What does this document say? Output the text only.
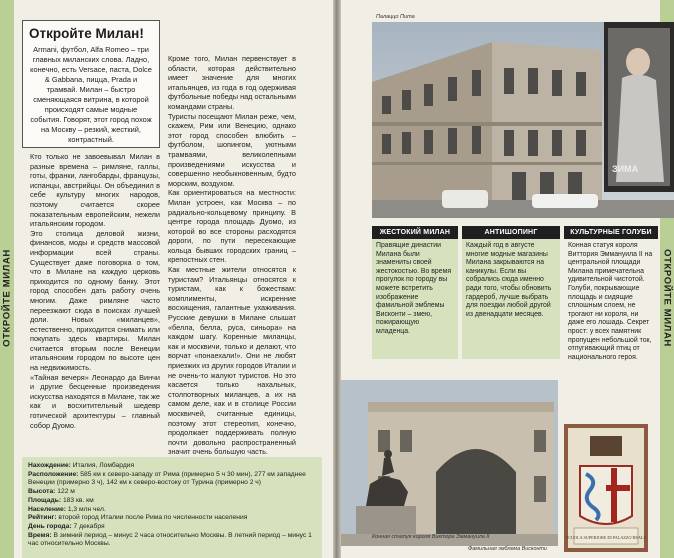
ОТКРОЙТЕ МИЛАН
Откройте Милан!
Armani, футбол, Alfa Romeo – три главных миланских слова. Ладно, конечно, есть Versace, паста, Dolce & Gabbana, пицца, Prada и трамвай. Милан – быстро сменяющаяся витрина, в которой происходят самые модные события. Говорят, этот город похож на Москву – резкий, жесткий, контрастный.
Кто только не завоевывал Милан в разные времена – римляне, галлы, готы, франки, лангобарды, французы, испанцы, австрийцы. Он объединил в себе культуру многих народов, поэтому считается скорее показательным европейским, нежели итальянским городом.
Это столица деловой жизни, финансов, моды и средств массовой информации всей страны. Существует даже поговорка о том, что в Милане на каждую церковь приходится по одному банку. Этот город способен дать работу очень многим. Даже римляне часто переезжают сюда в поисках лучшей доли. Новых «миланцев», естественно, приходится снимать или покупать здесь квартиры. Милан считается вторым после Венеции итальянским городом по высоте цен на недвижимость.
«Тайная вечеря» Леонардо да Винчи и другие бесценные произведения искусства находятся в Милане, так же как и восхитительный шедевр готической архитектуры – главный собор Дуомо.
Кроме того, Милан первенствует в области, которая действительно имеет значение для многих итальянцев, из года в год одерживая футбольные победы над остальными командами страны.
Туристы посещают Милан реже, чем, скажем, Рим или Венецию, однако этот город способен влюбить – футболом, шопингом, уютными трамваями, великолепными произведениями искусства и совершенно необыкновенным, будто морским, воздухом.
Как ориентироваться на местности: Милан устроен, как Москва – по радиально-кольцевому принципу. В центре города площадь Дуомо, из которой во все стороны расходятся дороги, по пути пересекающие кольца бывших городских границ – крепостных стен.
Как местные жители относятся к туристам? Итальянцы относятся к туристам, как к божествам: комплименты, искренние восхищения, галантные ухаживания. Русские девушки в Милане слышат «белла, белла, руса, синьора» на каждом шагу. Коренные миланцы, как и москвичи, только и делают, что ворчат «понаехали!». Они не любят приезжих из других городов Италии и не очень-то жалуют туристов. Но это касается только нахальных, столпотворных миланцев, а их на самом деле, как и в столице России москвичей, считанные единицы, поэтому этот стереотип, конечно, продолжает поддерживать полную почти довольно распространенный значит очень большую часть.
Нахождение: Италия, Ломбардия
Расположение: 585 км к северо-западу от Рима (примерно 5 ч 30 мин), 277 км западнее Венеции (примерно 3 ч), 142 км к северо-востоку от Турина (примерно 2 ч)
Высота: 122 м
Площадь: 183 кв. км
Население: 1,3 млн чел.
Рейтинг: второй город Италии после Рима по численности населения
День города: 7 декабря
Время: В зимний период – минус 2 часа относительно Москвы. В летний период – минус 1 час относительно Москвы.
ОТКРОЙТЕ МИЛАН
Палаццо Пита
ЗИМА
ЖЕСТОКИЙ МИЛАН
Правящие династии Милана были знамениты своей жестокостью. Во время прогулок по городу вы можете встретить изображение фамильной эмблемы Висконти – змею, пожирающую младенца.
АНТИШОПИНГ
Каждый год в августе многие модные магазины Милана закрываются на каникулы. Если вы собрались сюда именно ради того, чтобы обновить гардероб, лучше выбрать для поездки любой другой из двенадцати месяцев.
КУЛЬТУРНЫЕ ГОЛУБИ
Конная статуя короля Виттория Эммануила II на центральной площади Милана примечательна удивительной чистотой. Голуби, покрывающие площадь и сидящие сплошным слоем, не трогают ни короля, ни даже его лошадь. Секрет прост: у всех памятник пропущен небольшой ток, отпугивающий птиц от национального героя.
Конная статуя короля Виктора Эммануила II	SCUOLA SUPERIORE DI PALAZZO REALE
Фамильная эмблема Висконти
